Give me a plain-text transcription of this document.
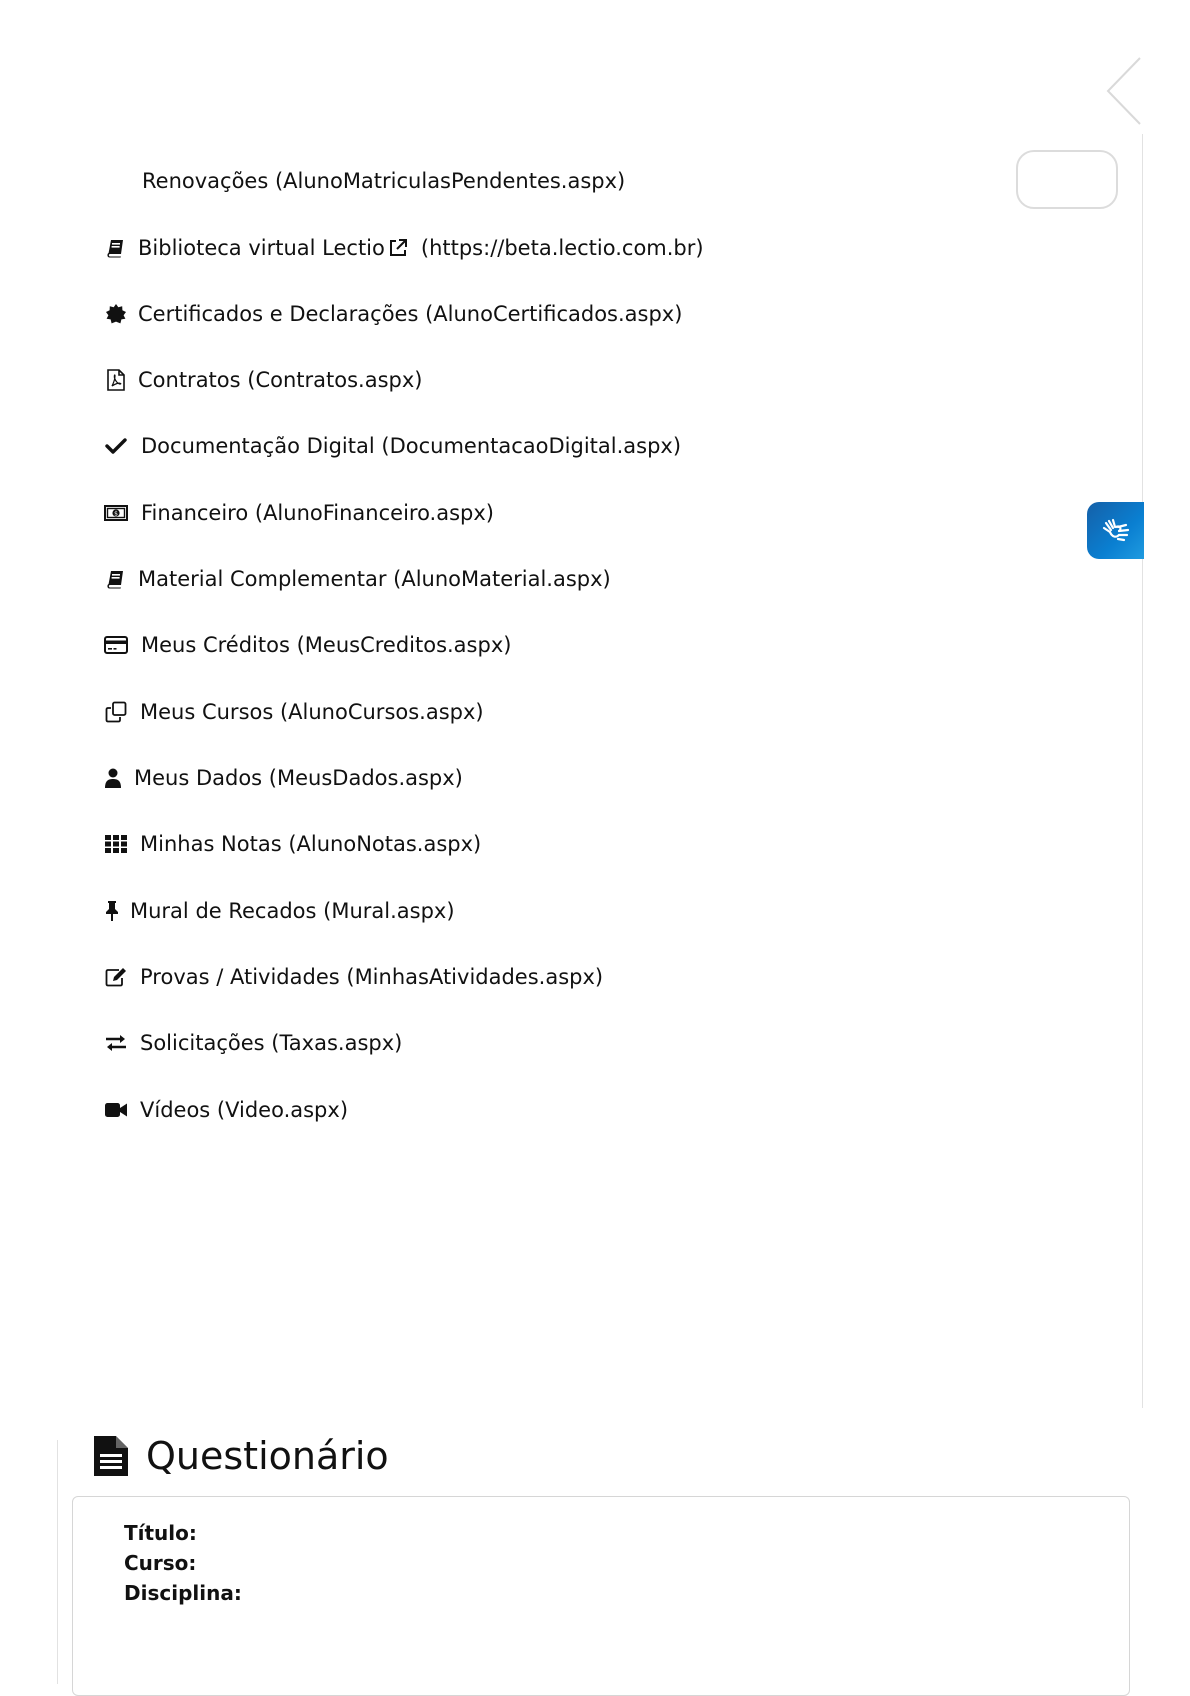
Renovações (AlunoMatriculasPendentes.aspx)
Biblioteca virtual Lectio (https://beta.lectio.com.br)
Certificados e Declarações (AlunoCertificados.aspx)
Contratos (Contratos.aspx)
Documentação Digital (DocumentacaoDigital.aspx)
$ Financeiro (AlunoFinanceiro.aspx)
Material Complementar (AlunoMaterial.aspx)
Meus Créditos (MeusCreditos.aspx)
Meus Cursos (AlunoCursos.aspx)
Meus Dados (MeusDados.aspx)
Minhas Notas (AlunoNotas.aspx)
Mural de Recados (Mural.aspx)
Provas / Atividades (MinhasAtividades.aspx)
Solicitações (Taxas.aspx)
Vídeos (Video.aspx)
Questionário
Título:
Curso:
Disciplina:
